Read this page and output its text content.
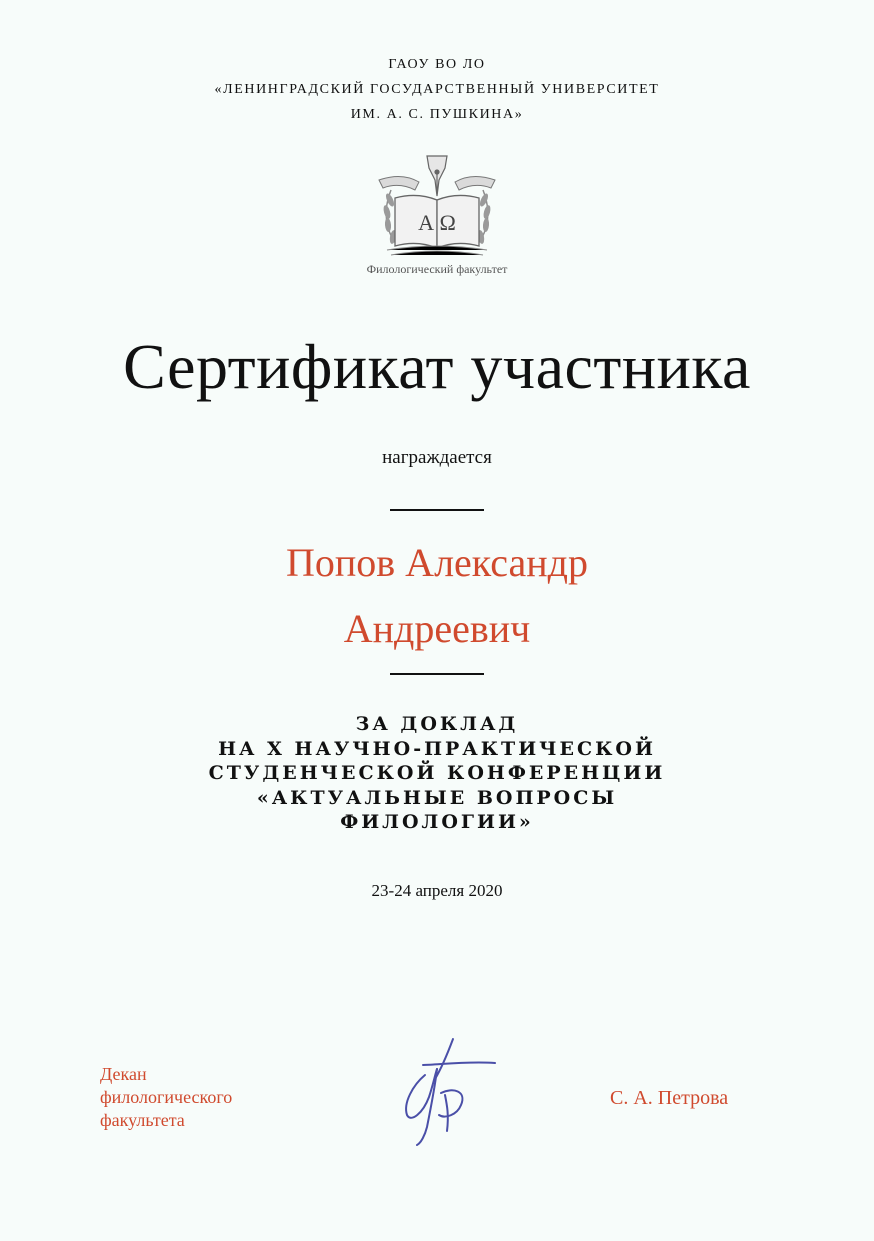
ГАОУ ВО ЛО
«ЛЕНИНГРАДСКИЙ ГОСУДАРСТВЕННЫЙ УНИВЕРСИТЕТ
ИМ. А. С. ПУШКИНА»
А Ω
Филологический факультет
Сертификат участника
награждается
Попов Александр
Андреевич
ЗА ДОКЛАД
НА X НАУЧНО-ПРАКТИЧЕСКОЙ
СТУДЕНЧЕСКОЙ КОНФЕРЕНЦИИ
«АКТУАЛЬНЫЕ ВОПРОСЫ
ФИЛОЛОГИИ»
23-24 апреля 2020
Декан
филологического
факультета
С. А. Петрова
